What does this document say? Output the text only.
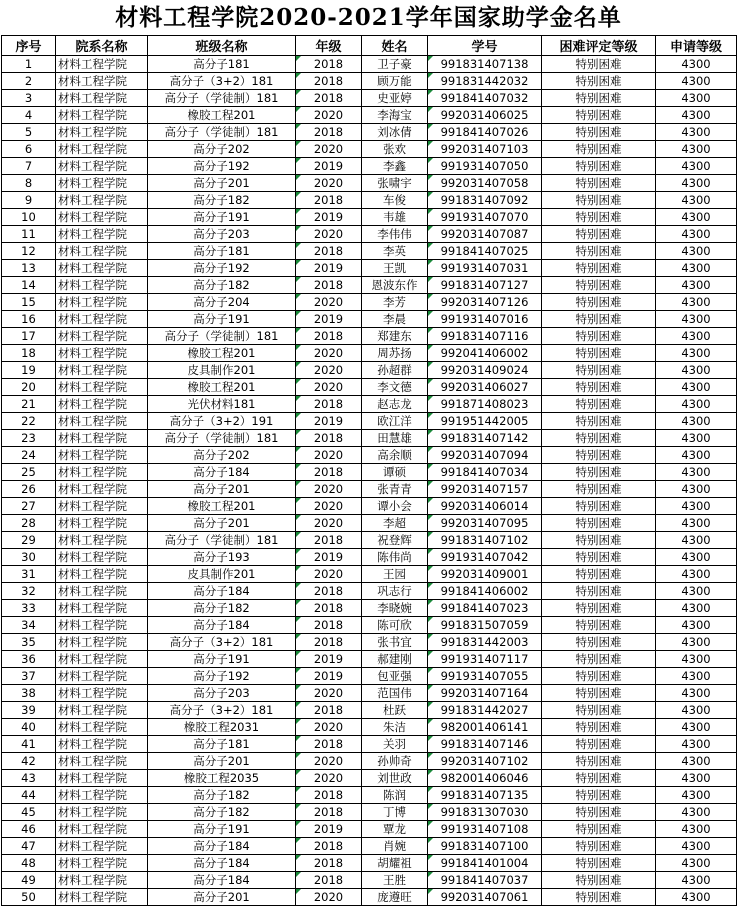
材料工程学院2020-2021学年国家助学金名单
序号	院系名称	班级名称	年级	姓名	学号	困难评定等级	申请等级
1	材料工程学院	高分子181	2018	卫子豪	991831407138	特别困难	4300
2	材料工程学院	高分子（3+2）181	2018	顾万能	991831442032	特别困难	4300
3	材料工程学院	高分子（学徒制）181	2018	史亚婷	991841407032	特别困难	4300
4	材料工程学院	橡胶工程201	2020	李海宝	992031406025	特别困难	4300
5	材料工程学院	高分子（学徒制）181	2018	刘冰倩	991841407026	特别困难	4300
6	材料工程学院	高分子202	2020	张欢	992031407103	特别困难	4300
7	材料工程学院	高分子192	2019	李鑫	991931407050	特别困难	4300
8	材料工程学院	高分子201	2020	张啸宇	992031407058	特别困难	4300
9	材料工程学院	高分子182	2018	车俊	991831407092	特别困难	4300
10	材料工程学院	高分子191	2019	韦雄	991931407070	特别困难	4300
11	材料工程学院	高分子203	2020	李伟伟	992031407087	特别困难	4300
12	材料工程学院	高分子181	2018	李英	991841407025	特别困难	4300
13	材料工程学院	高分子192	2019	王凯	991931407031	特别困难	4300
14	材料工程学院	高分子182	2018	恩波东作	991831407127	特别困难	4300
15	材料工程学院	高分子204	2020	李芳	992031407126	特别困难	4300
16	材料工程学院	高分子191	2019	李晨	991931407016	特别困难	4300
17	材料工程学院	高分子（学徒制）181	2018	郑建东	991831407116	特别困难	4300
18	材料工程学院	橡胶工程201	2020	周苏扬	992041406002	特别困难	4300
19	材料工程学院	皮具制作201	2020	孙超群	992031409024	特别困难	4300
20	材料工程学院	橡胶工程201	2020	李文德	992031406027	特别困难	4300
21	材料工程学院	光伏材料181	2018	赵志龙	991871408023	特别困难	4300
22	材料工程学院	高分子（3+2）191	2019	欧江洋	991951442005	特别困难	4300
23	材料工程学院	高分子（学徒制）181	2018	田慧雄	991831407142	特别困难	4300
24	材料工程学院	高分子202	2020	高余顺	992031407094	特别困难	4300
25	材料工程学院	高分子184	2018	谭硕	991841407034	特别困难	4300
26	材料工程学院	高分子201	2020	张青青	992031407157	特别困难	4300
27	材料工程学院	橡胶工程201	2020	谭小会	992031406014	特别困难	4300
28	材料工程学院	高分子201	2020	李超	992031407095	特别困难	4300
29	材料工程学院	高分子（学徒制）181	2018	祝登辉	991831407102	特别困难	4300
30	材料工程学院	高分子193	2019	陈伟尚	991931407042	特别困难	4300
31	材料工程学院	皮具制作201	2020	王园	992031409001	特别困难	4300
32	材料工程学院	高分子184	2018	巩志行	991841406002	特别困难	4300
33	材料工程学院	高分子182	2018	李晓婉	991841407023	特别困难	4300
34	材料工程学院	高分子184	2018	陈可欣	991831507059	特别困难	4300
35	材料工程学院	高分子（3+2）181	2018	张书宜	991831442003	特别困难	4300
36	材料工程学院	高分子191	2019	郝建刚	991931407117	特别困难	4300
37	材料工程学院	高分子192	2019	包亚强	991931407055	特别困难	4300
38	材料工程学院	高分子203	2020	范国伟	992031407164	特别困难	4300
39	材料工程学院	高分子（3+2）181	2018	杜跃	991831442027	特别困难	4300
40	材料工程学院	橡胶工程2031	2020	朱洁	982001406141	特别困难	4300
41	材料工程学院	高分子181	2018	关羽	991831407146	特别困难	4300
42	材料工程学院	高分子201	2020	孙帅奇	992031407102	特别困难	4300
43	材料工程学院	橡胶工程2035	2020	刘世政	982001406046	特别困难	4300
44	材料工程学院	高分子182	2018	陈润	991831407135	特别困难	4300
45	材料工程学院	高分子182	2018	丁博	991831307030	特别困难	4300
46	材料工程学院	高分子191	2019	覃龙	991931407108	特别困难	4300
47	材料工程学院	高分子184	2018	肖婉	991831407100	特别困难	4300
48	材料工程学院	高分子184	2018	胡耀祖	991841401004	特别困难	4300
49	材料工程学院	高分子184	2018	王胜	991841407037	特别困难	4300
50	材料工程学院	高分子201	2020	庞遵旺	992031407061	特别困难	4300
